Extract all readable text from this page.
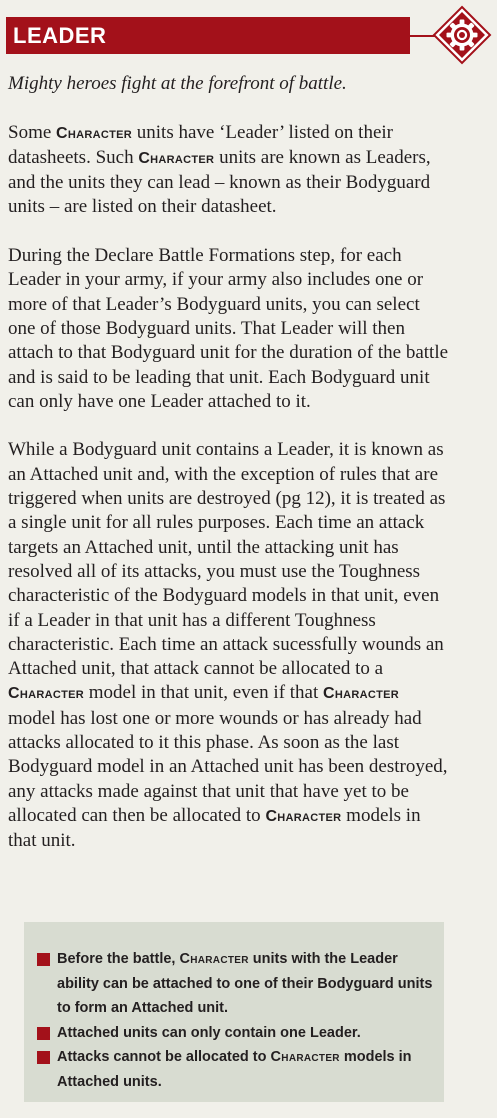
LEADER

Mighty heroes fight at the forefront of battle.

Some Character units have ‘Leader’ listed on their datasheets. Such Character units are known as Leaders, and the units they can lead – known as their Bodyguard units – are listed on their datasheet.

During the Declare Battle Formations step, for each Leader in your army, if your army also includes one or more of that Leader’s Bodyguard units, you can select one of those Bodyguard units. That Leader will then attach to that Bodyguard unit for the duration of the battle and is said to be leading that unit. Each Bodyguard unit can only have one Leader attached to it.

While a Bodyguard unit contains a Leader, it is known as an Attached unit and, with the exception of rules that are triggered when units are destroyed (pg 12), it is treated as a single unit for all rules purposes. Each time an attack targets an Attached unit, until the attacking unit has resolved all of its attacks, you must use the Toughness characteristic of the Bodyguard models in that unit, even if a Leader in that unit has a different Toughness characteristic. Each time an attack sucessfully wounds an Attached unit, that attack cannot be allocated to a Character model in that unit, even if that Character model has lost one or more wounds or has already had attacks allocated to it this phase. As soon as the last Bodyguard model in an Attached unit has been destroyed, any attacks made against that unit that have yet to be allocated can then be allocated to Character models in that unit.

Before the battle, Character units with the Leader ability can be attached to one of their Bodyguard units to form an Attached unit.
Attached units can only contain one Leader.
Attacks cannot be allocated to Character models in Attached units.
